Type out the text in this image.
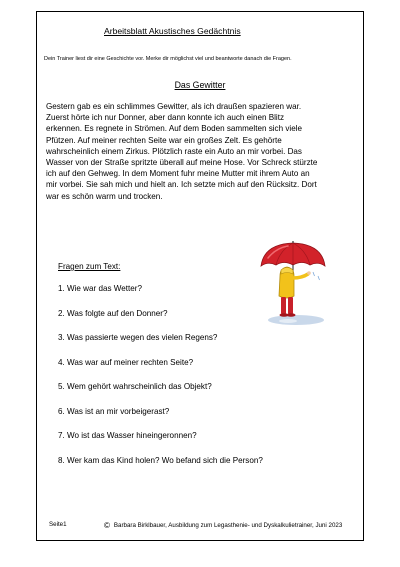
Arbeitsblatt Akustisches Gedächtnis
Dein Trainer liest dir eine Geschichte vor. Merke dir möglichst viel und beantworte danach die Fragen.
Das Gewitter
Gestern gab es ein schlimmes Gewitter, als ich draußen spazieren war.
Zuerst hörte ich nur Donner, aber dann konnte ich auch einen Blitz
erkennen. Es regnete in Strömen. Auf dem Boden sammelten sich viele
Pfützen. Auf meiner rechten Seite war ein großes Zelt. Es gehörte
wahrscheinlich einem Zirkus. Plötzlich raste ein Auto an mir vorbei. Das
Wasser von der Straße spritzte überall auf meine Hose. Vor Schreck stürzte
ich auf den Gehweg. In dem Moment fuhr meine Mutter mit ihrem Auto an
mir vorbei. Sie sah mich und hielt an. Ich setzte mich auf den Rücksitz. Dort
war es schön warm und trocken.
Fragen zum Text:
1. Wie war das Wetter?
2. Was folgte auf den Donner?
3. Was passierte wegen des vielen Regens?
4. Was war auf meiner rechten Seite?
5. Wem gehört wahrscheinlich das Objekt?
6. Was ist an mir vorbeigerast?
7. Wo ist das Wasser hineingeronnen?
8. Wer kam das Kind holen? Wo befand sich die Person?
Seite1	© Barbara Birklbauer, Ausbildung zum Legasthenie- und Dyskalkulietrainer, Juni 2023
